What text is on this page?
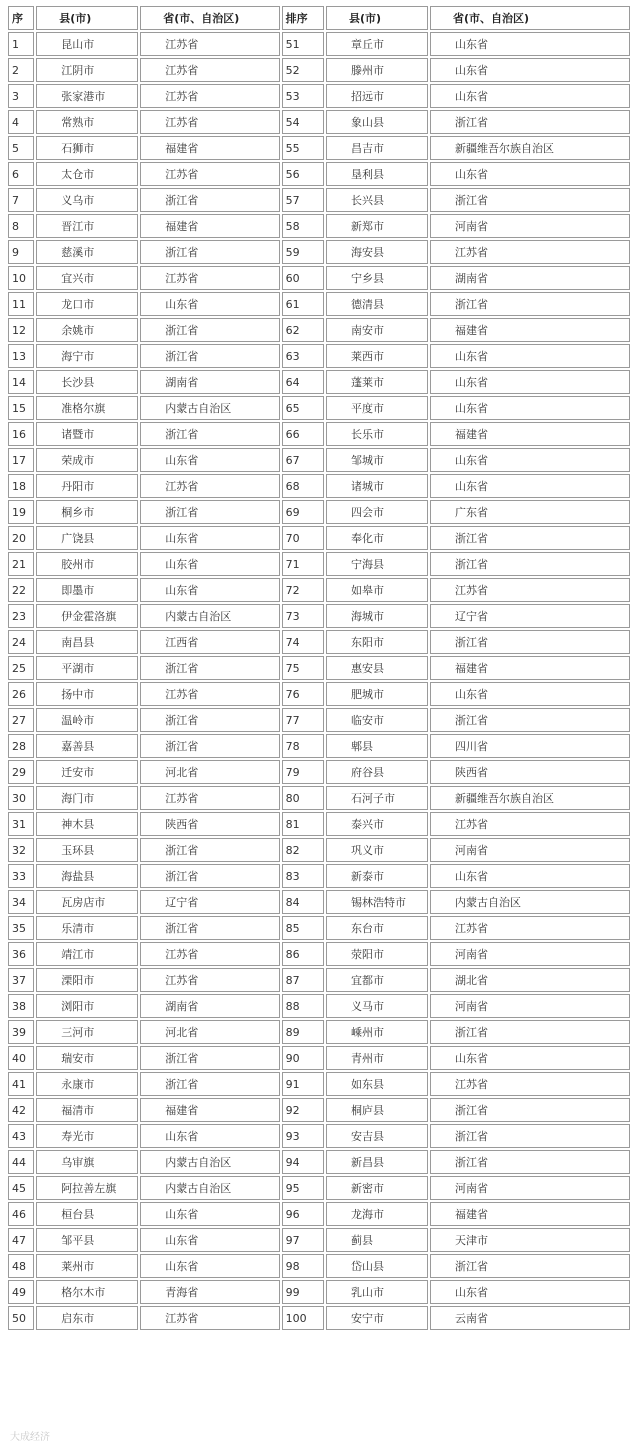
序	县(市)	省(市、自治区)	排序	县(市)	省(市、自治区)
1	昆山市	江苏省	51	章丘市	山东省
2	江阴市	江苏省	52	滕州市	山东省
3	张家港市	江苏省	53	招远市	山东省
4	常熟市	江苏省	54	象山县	浙江省
5	石狮市	福建省	55	昌吉市	新疆维吾尔族自治区
6	太仓市	江苏省	56	垦利县	山东省
7	义乌市	浙江省	57	长兴县	浙江省
8	晋江市	福建省	58	新郑市	河南省
9	慈溪市	浙江省	59	海安县	江苏省
10	宜兴市	江苏省	60	宁乡县	湖南省
11	龙口市	山东省	61	德清县	浙江省
12	余姚市	浙江省	62	南安市	福建省
13	海宁市	浙江省	63	莱西市	山东省
14	长沙县	湖南省	64	蓬莱市	山东省
15	准格尔旗	内蒙古自治区	65	平度市	山东省
16	诸暨市	浙江省	66	长乐市	福建省
17	荣成市	山东省	67	邹城市	山东省
18	丹阳市	江苏省	68	诸城市	山东省
19	桐乡市	浙江省	69	四会市	广东省
20	广饶县	山东省	70	奉化市	浙江省
21	胶州市	山东省	71	宁海县	浙江省
22	即墨市	山东省	72	如皋市	江苏省
23	伊金霍洛旗	内蒙古自治区	73	海城市	辽宁省
24	南昌县	江西省	74	东阳市	浙江省
25	平湖市	浙江省	75	惠安县	福建省
26	扬中市	江苏省	76	肥城市	山东省
27	温岭市	浙江省	77	临安市	浙江省
28	嘉善县	浙江省	78	郫县	四川省
29	迁安市	河北省	79	府谷县	陕西省
30	海门市	江苏省	80	石河子市	新疆维吾尔族自治区
31	神木县	陕西省	81	泰兴市	江苏省
32	玉环县	浙江省	82	巩义市	河南省
33	海盐县	浙江省	83	新泰市	山东省
34	瓦房店市	辽宁省	84	锡林浩特市	内蒙古自治区
35	乐清市	浙江省	85	东台市	江苏省
36	靖江市	江苏省	86	荥阳市	河南省
37	溧阳市	江苏省	87	宜都市	湖北省
38	浏阳市	湖南省	88	义马市	河南省
39	三河市	河北省	89	嵊州市	浙江省
40	瑞安市	浙江省	90	青州市	山东省
41	永康市	浙江省	91	如东县	江苏省
42	福清市	福建省	92	桐庐县	浙江省
43	寿光市	山东省	93	安吉县	浙江省
44	乌审旗	内蒙古自治区	94	新昌县	浙江省
45	阿拉善左旗	内蒙古自治区	95	新密市	河南省
46	桓台县	山东省	96	龙海市	福建省
47	邹平县	山东省	97	蓟县	天津市
48	莱州市	山东省	98	岱山县	浙江省
49	格尔木市	青海省	99	乳山市	山东省
50	启东市	江苏省	100	安宁市	云南省
大成经济
